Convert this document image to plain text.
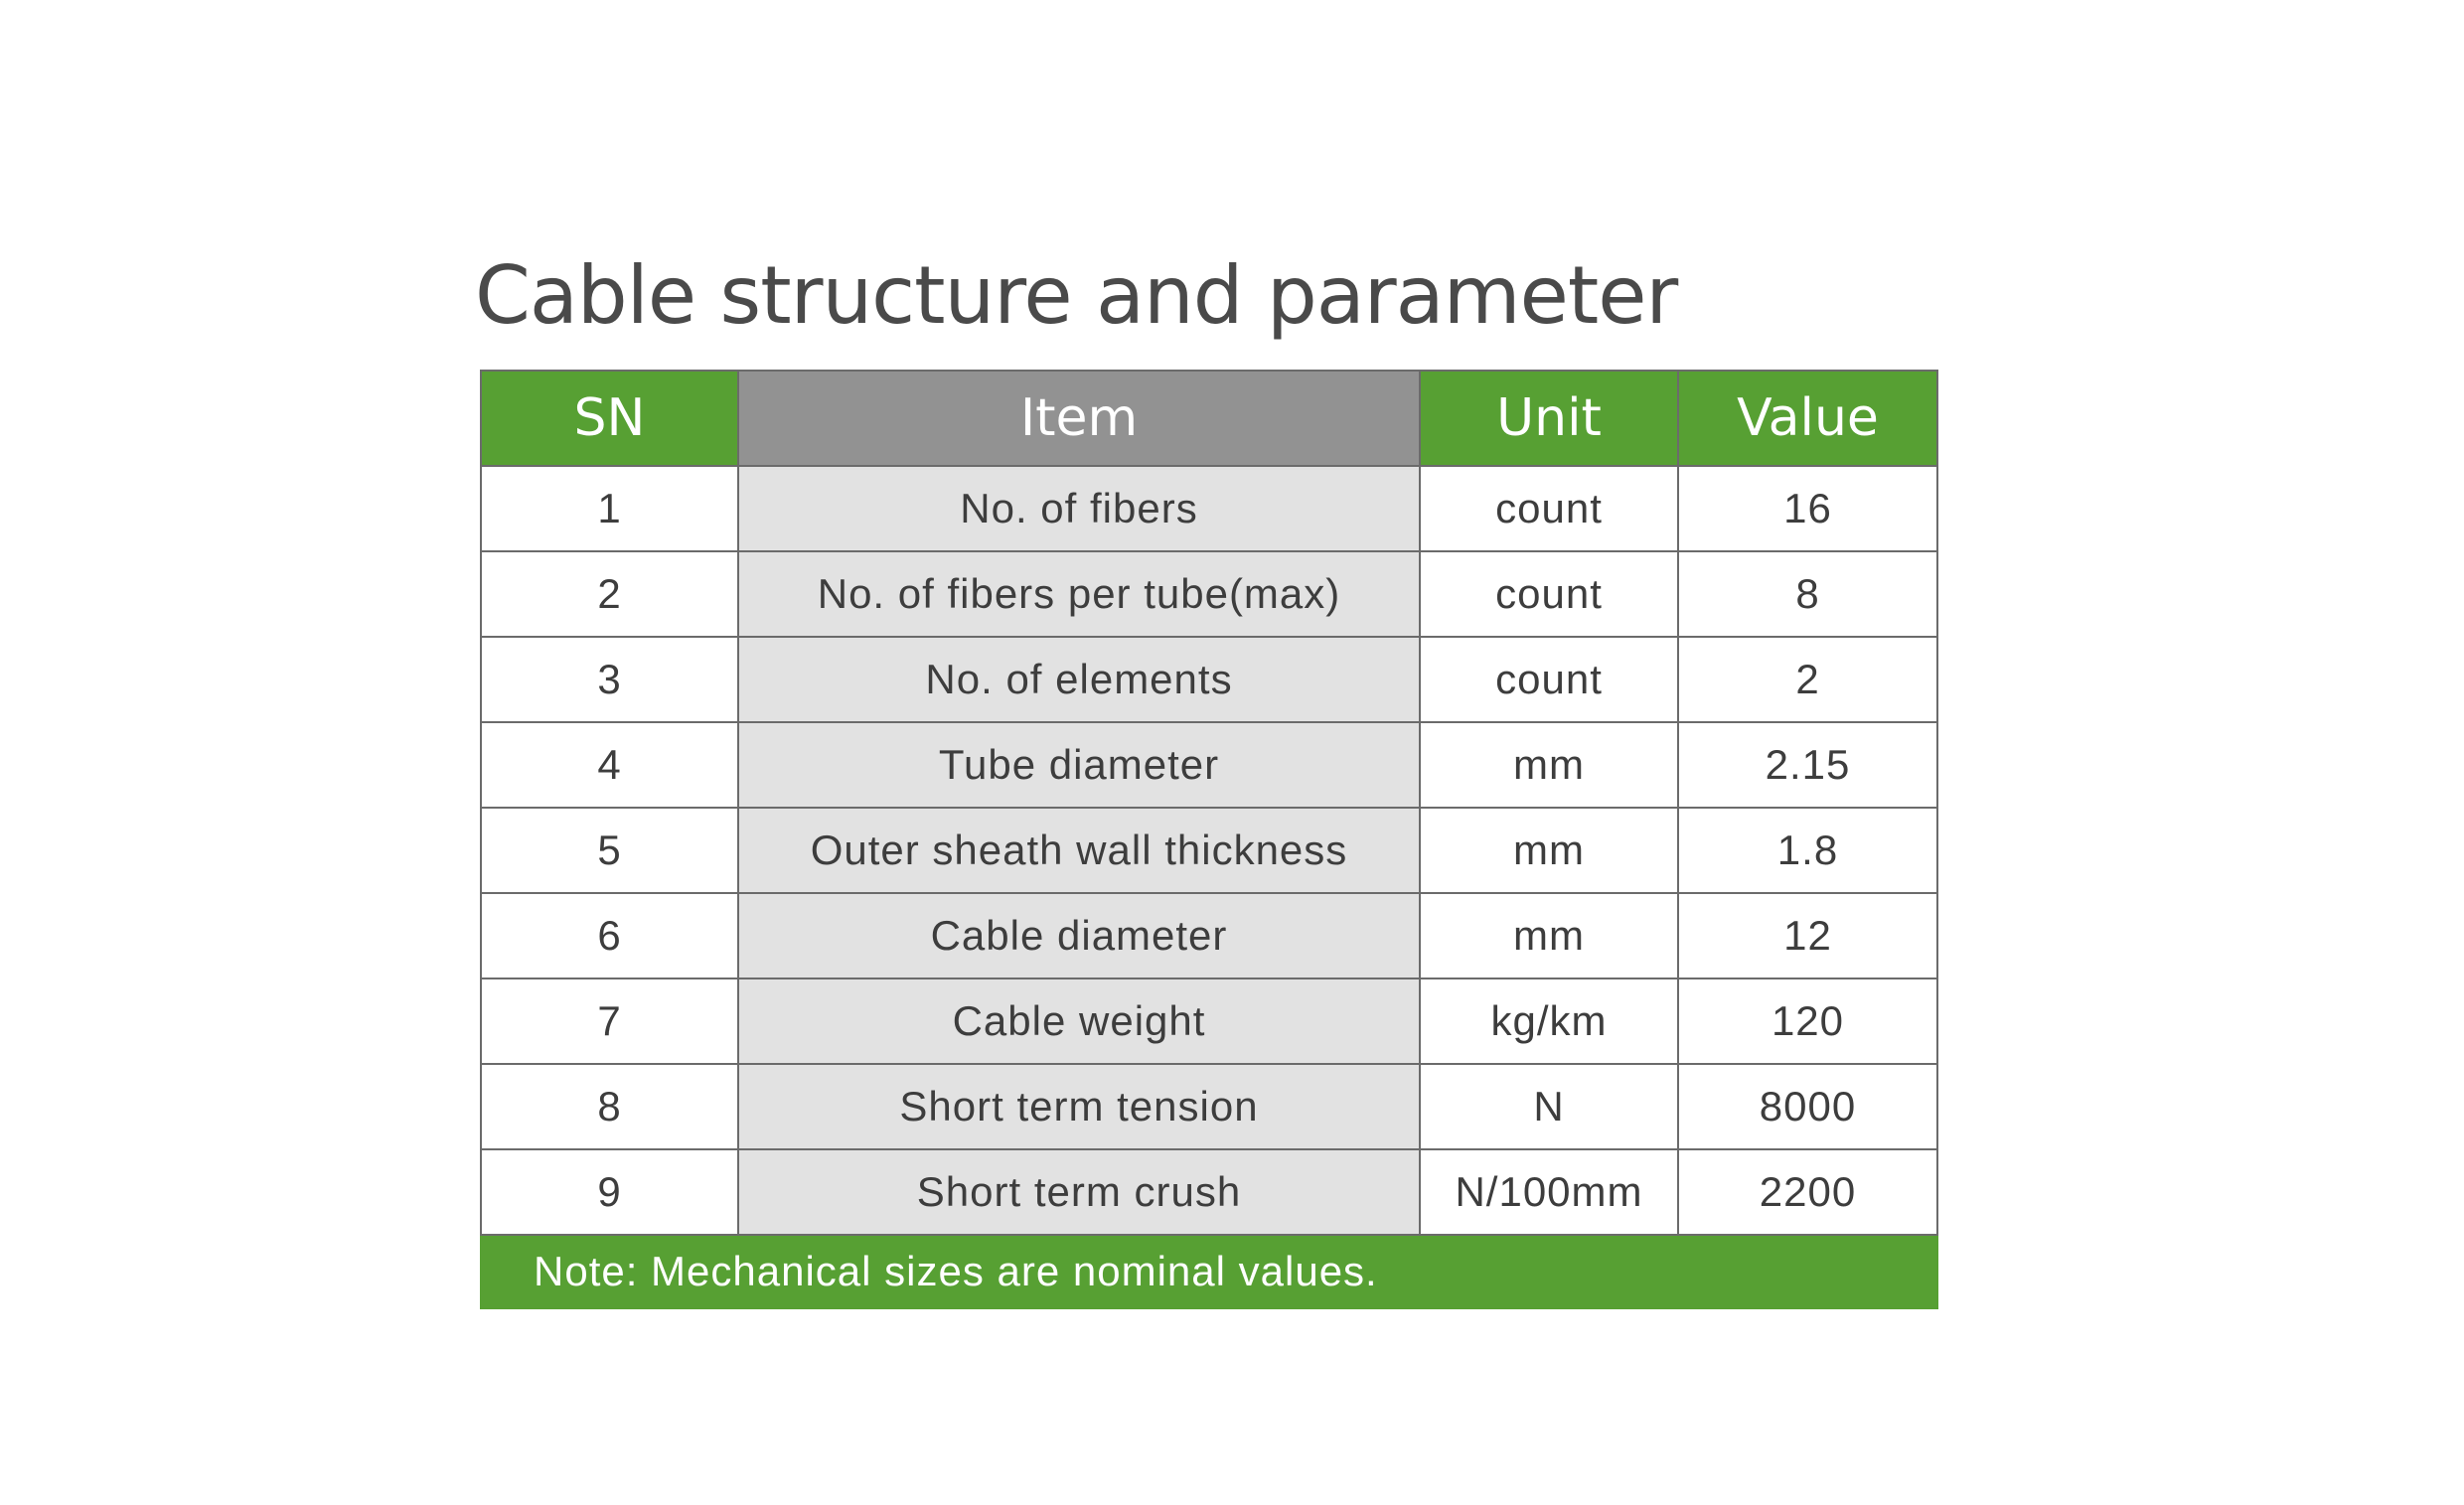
Cable structure and parameter
SN	Item	Unit	Value
1	No. of fibers	count	16
2	No. of fibers per tube(max)	count	8
3	No. of elements	count	2
4	Tube diameter	mm	2.15
5	Outer sheath wall thickness	mm	1.8
6	Cable diameter	mm	12
7	Cable weight	kg/km	120
8	Short term tension	N	8000
9	Short term crush	N/100mm	2200
Note: Mechanical sizes are nominal values.			
